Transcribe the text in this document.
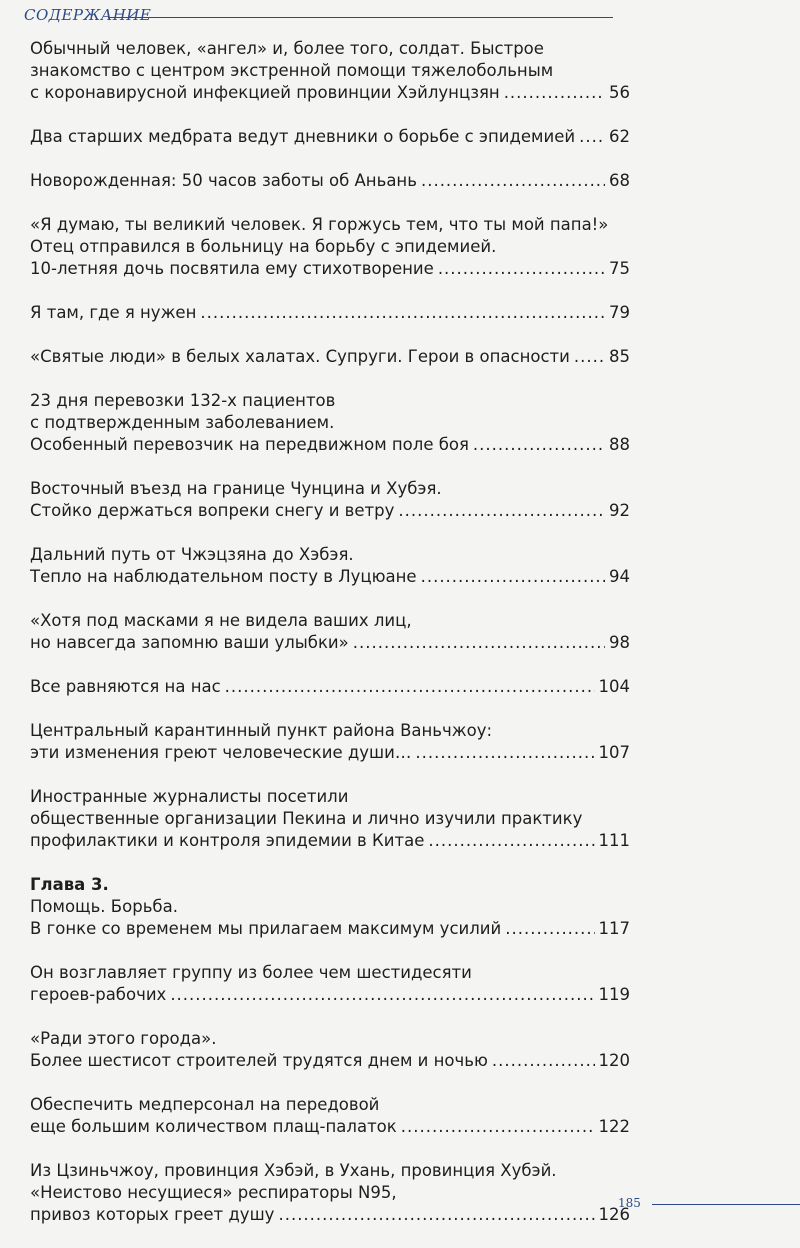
СОДЕРЖАНИЕ
Обычный человек, «ангел» и, более того, солдат. Быстрое
знакомство с центром экстренной помощи тяжелобольным
с коронавирусной инфекцией провинции Хэйлунцзян .....	56
Два старших медбрата ведут дневники о борьбе с эпидемией ..... 62
Новорожденная: 50 часов заботы об Аньань .....	68
«Я думаю, ты великий человек. Я горжусь тем, что ты мой папа!»
Отец отправился в больницу на борьбу с эпидемией.
10-летняя дочь посвятила ему стихотворение .....	75
Я там, где я нужен .....	79
«Святые люди» в белых халатах. Супруги. Герои в опасности ..... 85
23 дня перевозки 132-х пациентов
с подтвержденным заболеванием.
Особенный перевозчик на передвижном поле боя .....	88
Восточный въезд на границе Чунцина и Хубэя.
Стойко держаться вопреки снегу и ветру .....	92
Дальний путь от Чжэцзяна до Хэбэя.
Тепло на наблюдательном посту в Луцюане .....	94
«Хотя под масками я не видела ваших лиц,
но навсегда запомню ваши улыбки» .....	98
Все равняются на нас .....	104
Центральный карантинный пункт района Ваньчжоу:
эти изменения греют человеческие души… .....	107
Иностранные журналисты посетили
общественные организации Пекина и лично изучили практику
профилактики и контроля эпидемии в Китае .....	111
Глава 3.
Помощь. Борьба.
В гонке со временем мы прилагаем максимум усилий .....	117
Он возглавляет группу из более чем шестидесяти
героев-рабочих .....	119
«Ради этого города».
Более шестисот строителей трудятся днем и ночью .....	120
Обеспечить медперсонал на передовой
еще большим количеством плащ-палаток .....	122
Из Цзиньчжоу, провинция Хэбэй, в Ухань, провинция Хубэй.
«Неистово несущиеся» респираторы N95,
привоз которых греет душу .....	126
185
